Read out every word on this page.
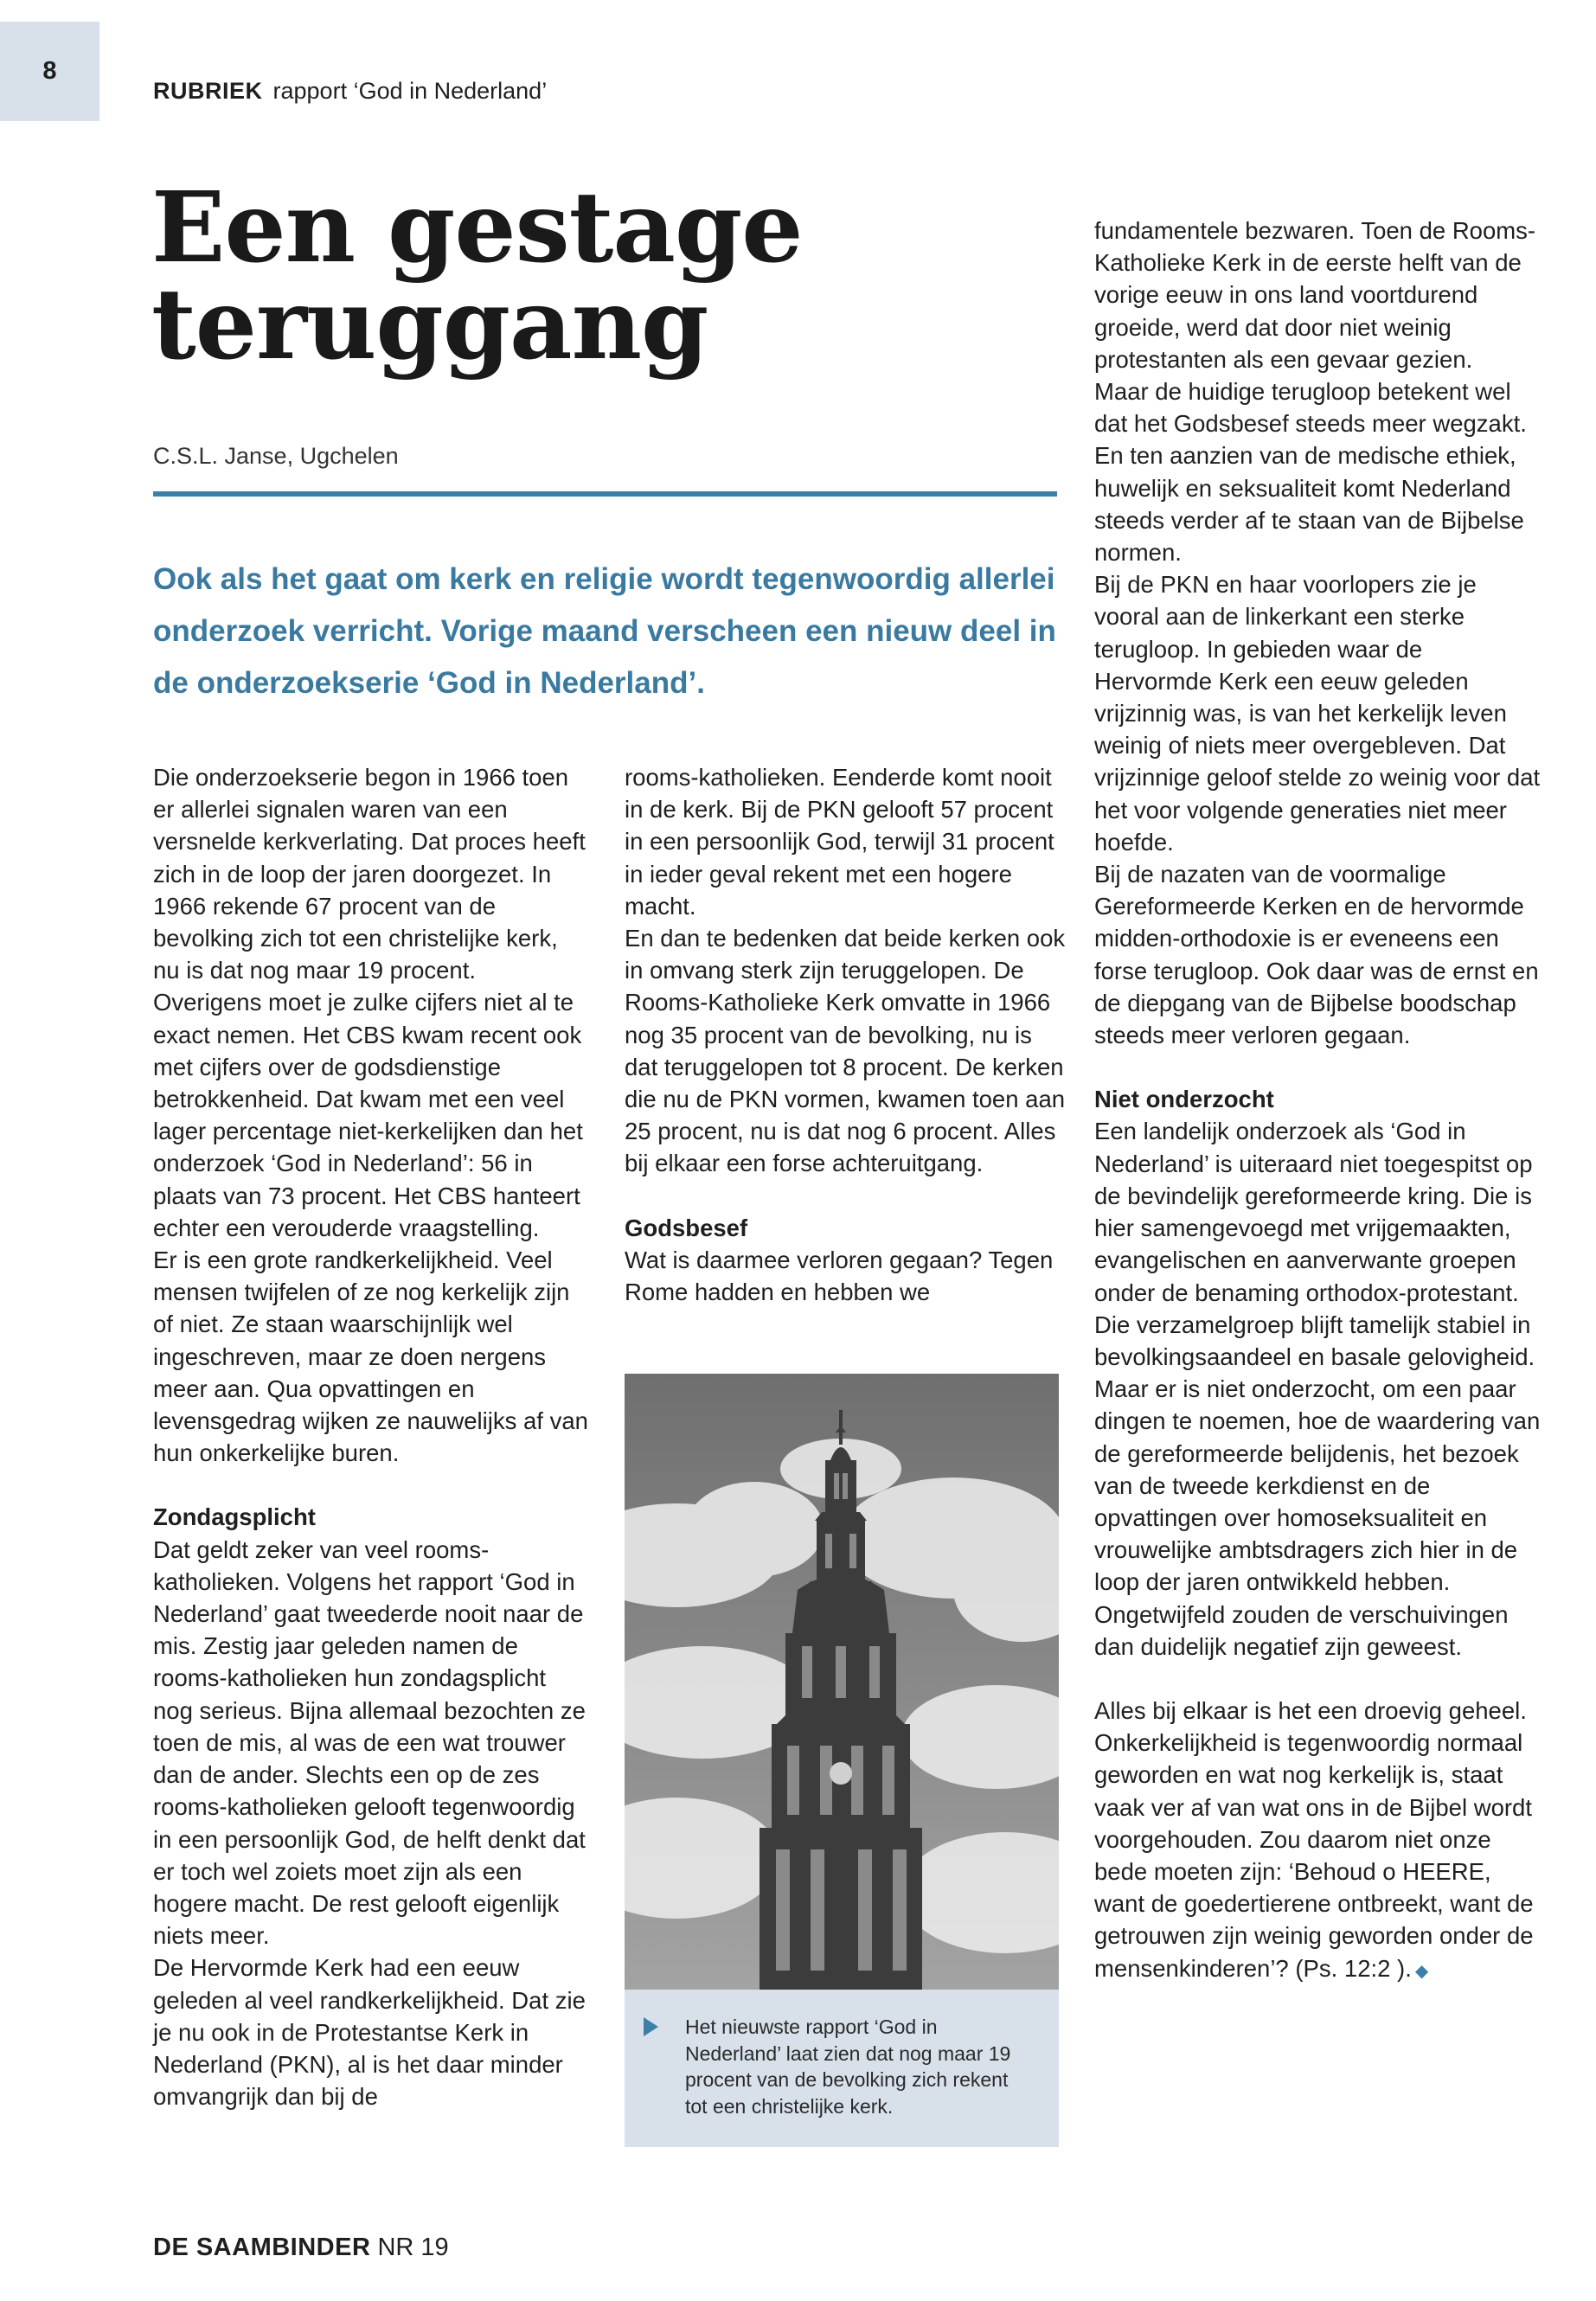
8
RUBRIEK rapport ‘God in Nederland’
Een gestage
teruggang
C.S.L. Janse, Ugchelen

Ook als het gaat om kerk en religie wordt tegenwoordig allerlei onderzoek verricht. Vorige maand verscheen een nieuw deel in de onderzoekserie ‘God in Nederland’.

Die onderzoekserie begon in 1966 toen er allerlei signalen waren van een versnelde kerkverlating. Dat proces heeft zich in de loop der jaren doorgezet. In 1966 rekende 67 procent van de bevolking zich tot een christelijke kerk, nu is dat nog maar 19 procent. Overigens moet je zulke cijfers niet al te exact nemen. Het CBS kwam recent ook met cijfers over de godsdienstige betrokkenheid. Dat kwam met een veel lager percentage niet-kerkelijken dan het onderzoek ‘God in Nederland’: 56 in plaats van 73 procent. Het CBS hanteert echter een verouderde vraagstelling.

Er is een grote randkerkelijkheid. Veel mensen twijfelen of ze nog kerkelijk zijn of niet. Ze staan waarschijnlijk wel ingeschreven, maar ze doen nergens meer aan. Qua opvattingen en levensgedrag wijken ze nauwelijks af van hun onkerkelijke buren.

Zondagsplicht

Dat geldt zeker van veel rooms-katholieken. Volgens het rapport ‘God in Nederland’ gaat tweederde nooit naar de mis. Zestig jaar geleden namen de rooms-katholieken hun zondagsplicht nog serieus. Bijna allemaal bezochten ze toen de mis, al was de een wat trouwer dan de ander. Slechts een op de zes rooms-katholieken gelooft tegenwoordig in een persoonlijk God, de helft denkt dat er toch wel zoiets moet zijn als een hogere macht. De rest gelooft eigenlijk niets meer.

De Hervormde Kerk had een eeuw geleden al veel randkerkelijkheid. Dat zie je nu ook in de Protestantse Kerk in Nederland (PKN), al is het daar minder omvangrijk dan bij de

rooms-katholieken. Eenderde komt nooit in de kerk. Bij de PKN gelooft 57 procent in een persoonlijk God, terwijl 31 procent in ieder geval rekent met een hogere macht.

En dan te bedenken dat beide kerken ook in omvang sterk zijn teruggelopen. De Rooms-Katholieke Kerk omvatte in 1966 nog 35 procent van de bevolking, nu is dat teruggelopen tot 8 procent. De kerken die nu de PKN vormen, kwamen toen aan 25 procent, nu is dat nog 6 procent. Alles bij elkaar een forse achteruitgang.

Godsbesef

Wat is daarmee verloren gegaan? Tegen Rome hadden en hebben we

Het nieuwste rapport ‘God in Nederland’ laat zien dat nog maar 19 procent van de bevolking zich rekent tot een christelijke kerk.

fundamentele bezwaren. Toen de Rooms-Katholieke Kerk in de eerste helft van de vorige eeuw in ons land voortdurend groeide, werd dat door niet weinig protestanten als een gevaar gezien.

Maar de huidige terugloop betekent wel dat het Godsbesef steeds meer wegzakt. En ten aanzien van de medische ethiek, huwelijk en seksualiteit komt Nederland steeds verder af te staan van de Bijbelse normen.

Bij de PKN en haar voorlopers zie je vooral aan de linkerkant een sterke terugloop. In gebieden waar de Hervormde Kerk een eeuw geleden vrijzinnig was, is van het kerkelijk leven weinig of niets meer overgebleven. Dat vrijzinnige geloof stelde zo weinig voor dat het voor volgende generaties niet meer hoefde.

Bij de nazaten van de voormalige Gereformeerde Kerken en de hervormde midden-orthodoxie is er eveneens een forse terugloop. Ook daar was de ernst en de diepgang van de Bijbelse boodschap steeds meer verloren gegaan.

Niet onderzocht

Een landelijk onderzoek als ‘God in Nederland’ is uiteraard niet toegespitst op de bevindelijk gereformeerde kring. Die is hier samengevoegd met vrijgemaakten, evangelischen en aanverwante groepen onder de benaming orthodox-protestant. Die verzamelgroep blijft tamelijk stabiel in bevolkingsaandeel en basale gelovigheid. Maar er is niet onderzocht, om een paar dingen te noemen, hoe de waardering van de gereformeerde belijdenis, het bezoek van de tweede kerkdienst en de opvattingen over homoseksualiteit en vrouwelijke ambtsdragers zich hier in de loop der jaren ontwikkeld hebben. Ongetwijfeld zouden de verschuivingen dan duidelijk negatief zijn geweest.

Alles bij elkaar is het een droevig geheel. Onkerkelijkheid is tegenwoordig normaal geworden en wat nog kerkelijk is, staat vaak ver af van wat ons in de Bijbel wordt voorgehouden. Zou daarom niet onze bede moeten zijn: ‘Behoud o HEERE, want de goedertierene ontbreekt, want de getrouwen zijn weinig geworden onder de mensenkinderen’? (Ps. 12:2 ). ◆

DE SAAMBINDER NR 19
